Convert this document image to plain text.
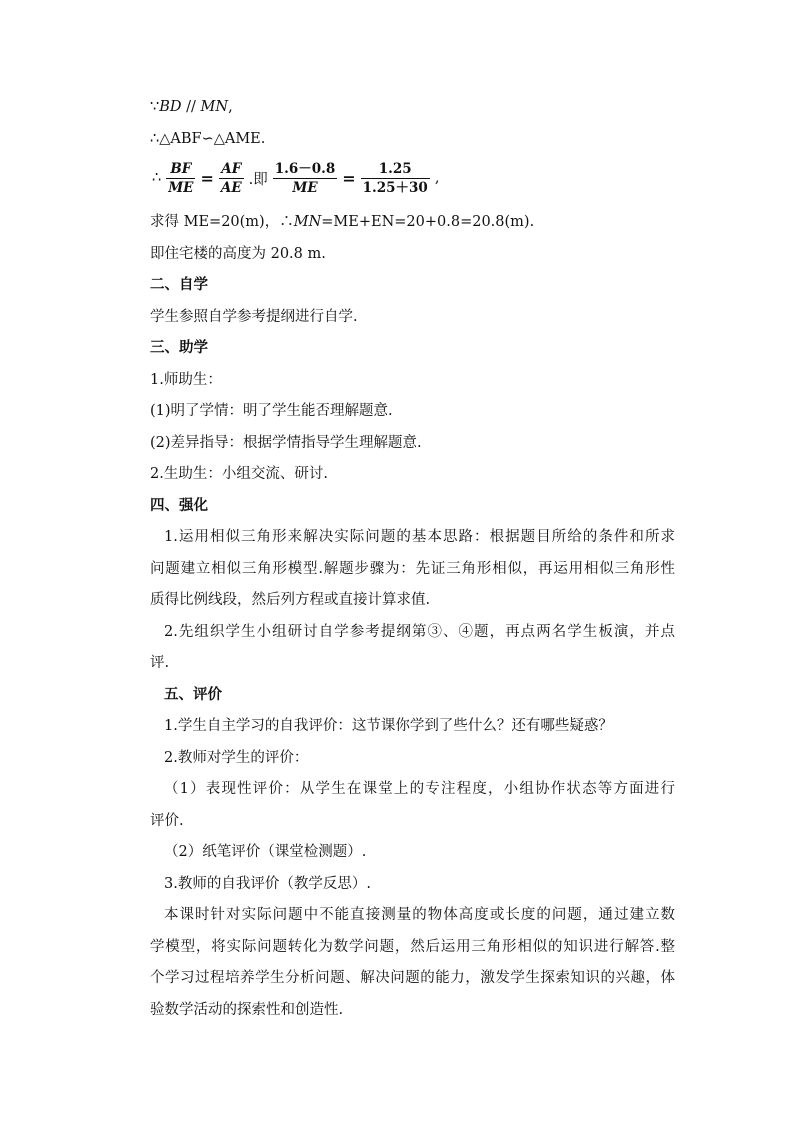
∵BD // MN,
∴△ABF∽△AME.
∴ $\frac{BF}{ME} = \frac{AF}{AE}$ .即 $\frac{1.6-0.8}{ME} = \frac{1.25}{1.25+30}$ ,
求得 ME=20(m)，∴MN=ME+EN=20+0.8=20.8(m).
即住宅楼的高度为 20.8 m.
二、自学
学生参照自学参考提纲进行自学.
三、助学
1.师助生：
(1)明了学情：明了学生能否理解题意.
(2)差异指导：根据学情指导学生理解题意.
2.生助生：小组交流、研讨.
四、强化
1.运用相似三角形来解决实际问题的基本思路：根据题目所给的条件和所求
问题建立相似三角形模型.解题步骤为：先证三角形相似，再运用相似三角形性
质得比例线段，然后列方程或直接计算求值.
2.先组织学生小组研讨自学参考提纲第③、④题，再点两名学生板演，并点
评.
五、评价
1.学生自主学习的自我评价：这节课你学到了些什么？还有哪些疑惑？
2.教师对学生的评价：
（1）表现性评价：从学生在课堂上的专注程度，小组协作状态等方面进行
评价.
（2）纸笔评价（课堂检测题）.
3.教师的自我评价（教学反思）.
本课时针对实际问题中不能直接测量的物体高度或长度的问题，通过建立数
学模型，将实际问题转化为数学问题，然后运用三角形相似的知识进行解答.整
个学习过程培养学生分析问题、解决问题的能力，激发学生探索知识的兴趣，体
验数学活动的探索性和创造性.
